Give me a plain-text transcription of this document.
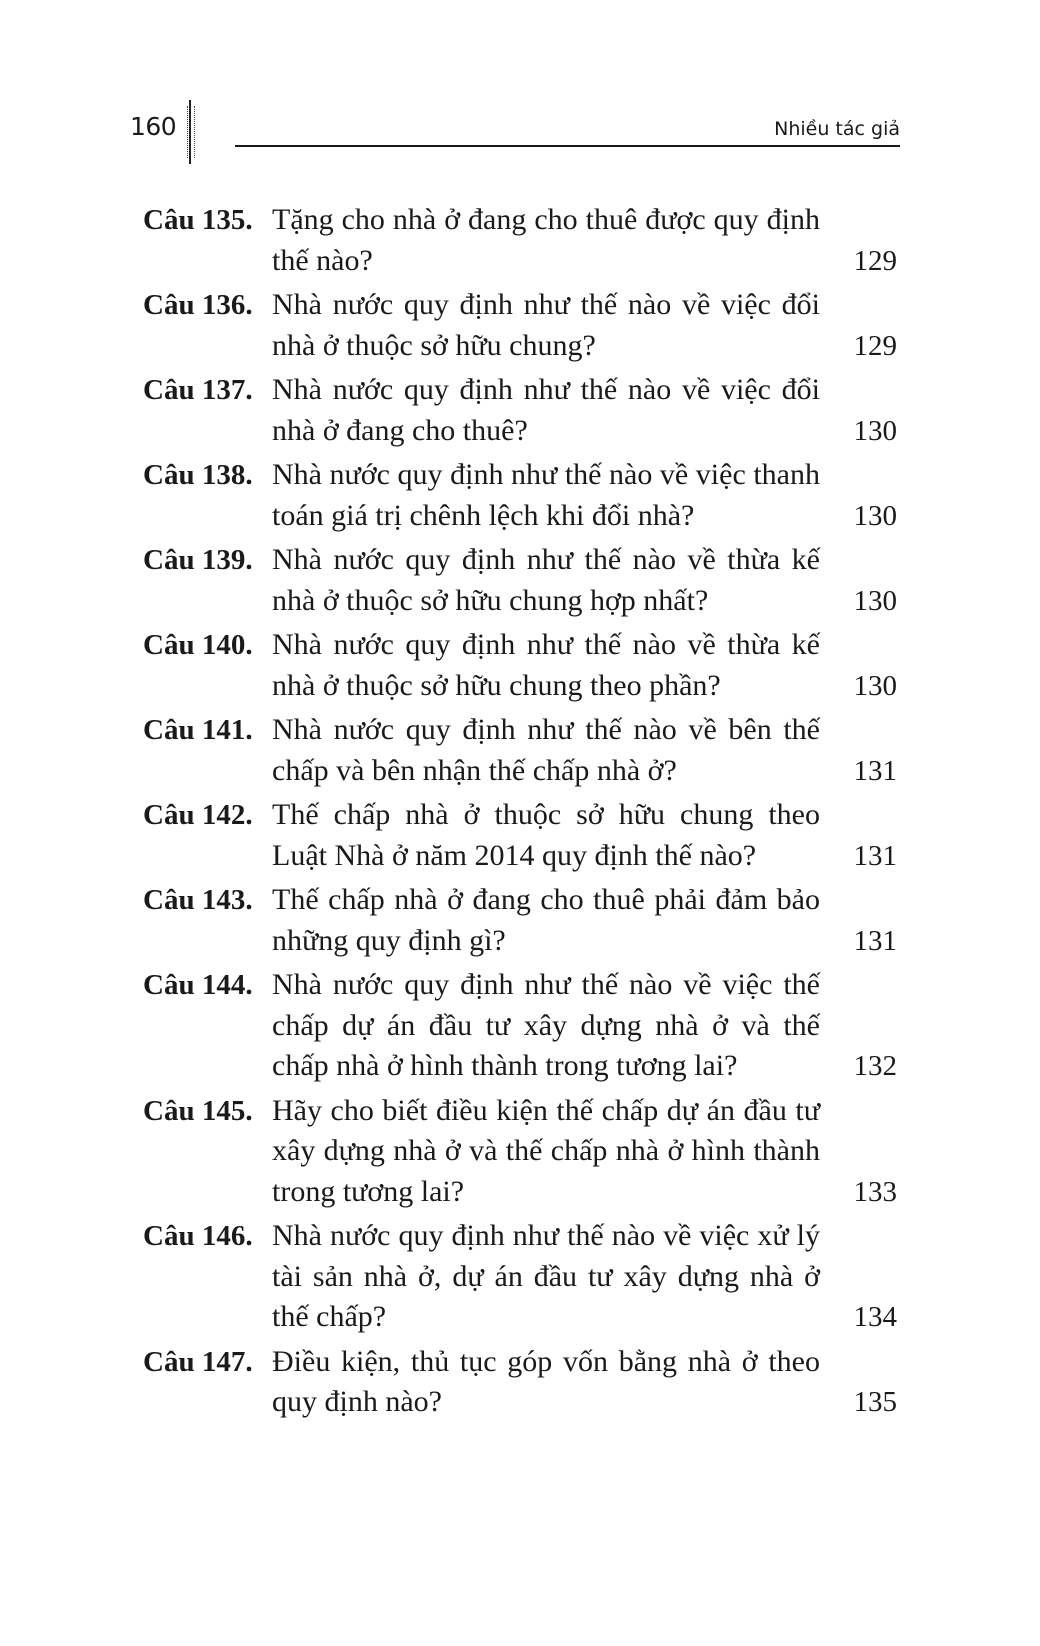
160	Nhiều tác giả
Câu 135. Tặng cho nhà ở đang cho thuê được quy định thế nào?	129
Câu 136. Nhà nước quy định như thế nào về việc đổi nhà ở thuộc sở hữu chung?	129
Câu 137. Nhà nước quy định như thế nào về việc đổi nhà ở đang cho thuê?	130
Câu 138. Nhà nước quy định như thế nào về việc thanh toán giá trị chênh lệch khi đổi nhà?	130
Câu 139. Nhà nước quy định như thế nào về thừa kế nhà ở thuộc sở hữu chung hợp nhất?	130
Câu 140. Nhà nước quy định như thế nào về thừa kế nhà ở thuộc sở hữu chung theo phần?	130
Câu 141. Nhà nước quy định như thế nào về bên thế chấp và bên nhận thế chấp nhà ở?	131
Câu 142. Thế chấp nhà ở thuộc sở hữu chung theo Luật Nhà ở năm 2014 quy định thế nào?	131
Câu 143. Thế chấp nhà ở đang cho thuê phải đảm bảo những quy định gì?	131
Câu 144. Nhà nước quy định như thế nào về việc thế chấp dự án đầu tư xây dựng nhà ở và thế chấp nhà ở hình thành trong tương lai?	132
Câu 145. Hãy cho biết điều kiện thế chấp dự án đầu tư xây dựng nhà ở và thế chấp nhà ở hình thành trong tương lai?	133
Câu 146. Nhà nước quy định như thế nào về việc xử lý tài sản nhà ở, dự án đầu tư xây dựng nhà ở thế chấp?	134
Câu 147. Điều kiện, thủ tục góp vốn bằng nhà ở theo quy định nào?	135
